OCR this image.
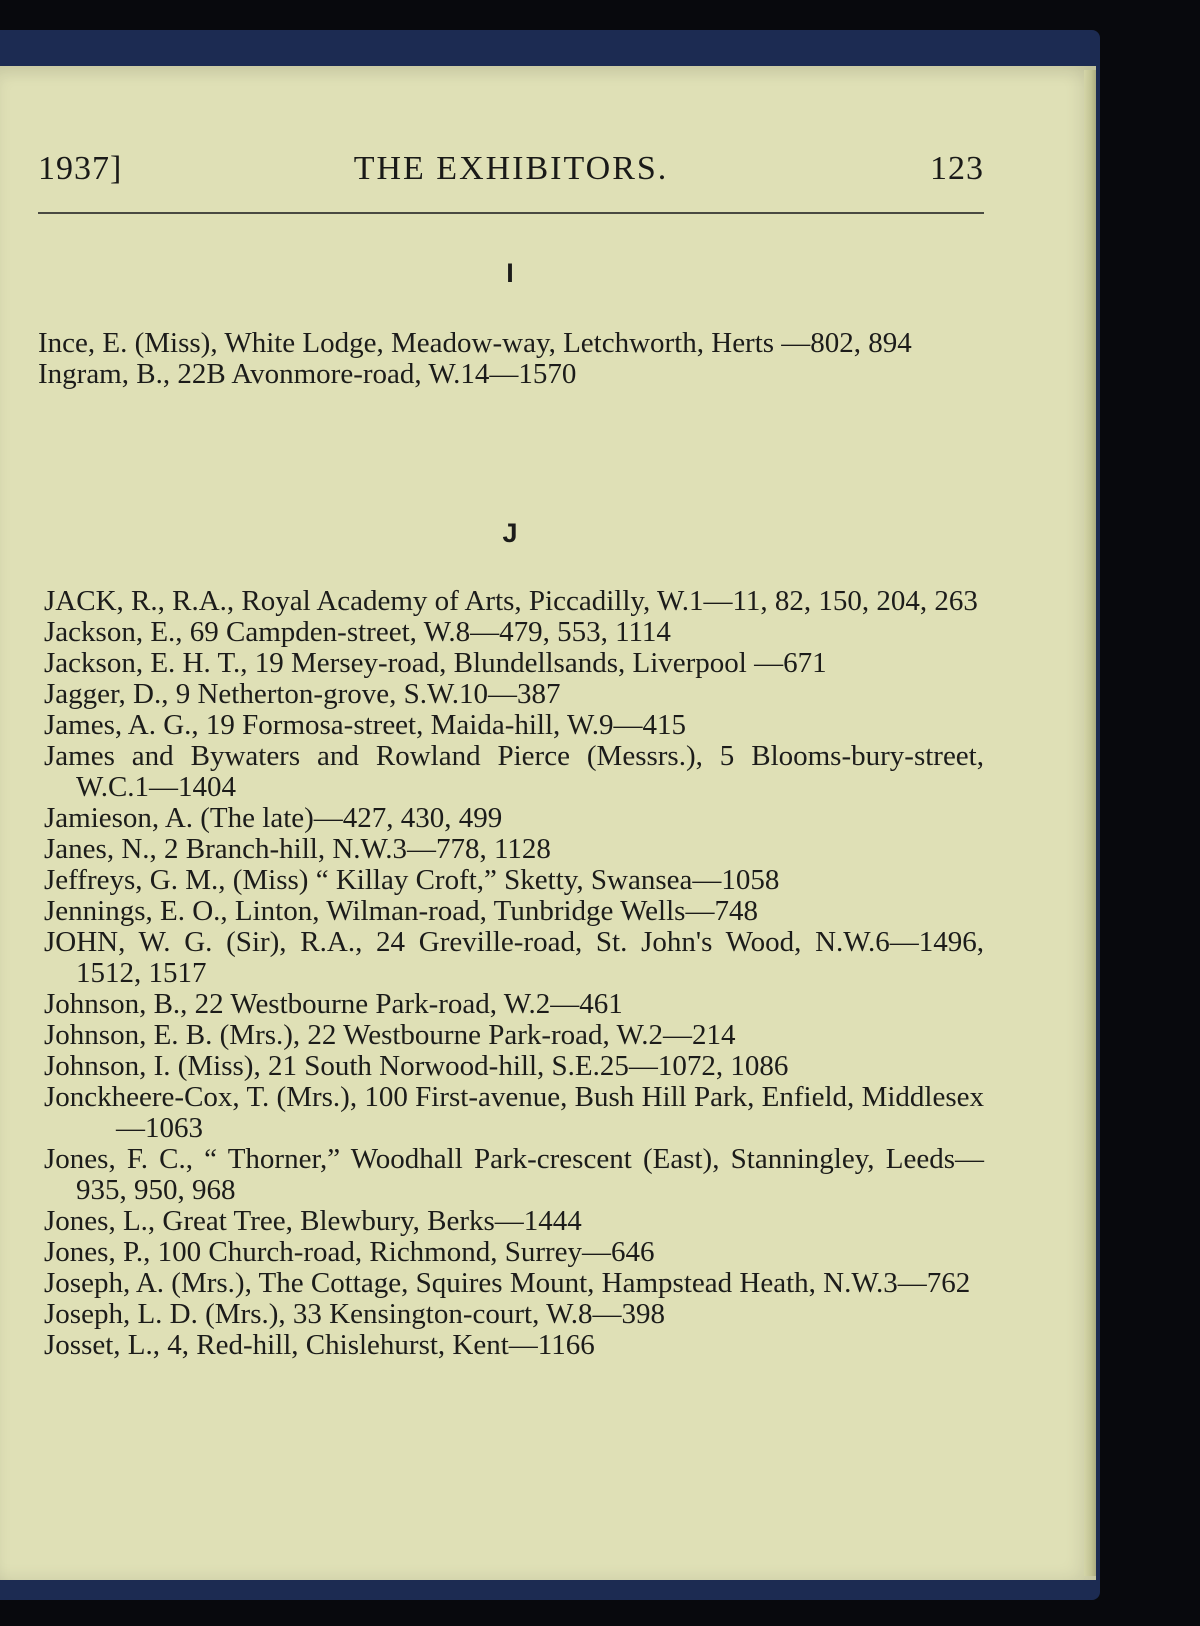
1937]	THE EXHIBITORS.	123
I
Ince, E. (Miss), White Lodge, Meadow-way, Letchworth, Herts —802, 894
Ingram, B., 22B Avonmore-road, W.14—1570
J
JACK, R., R.A., Royal Academy of Arts, Piccadilly, W.1—11, 82, 150, 204, 263
Jackson, E., 69 Campden-street, W.8—479, 553, 1114
Jackson, E. H. T., 19 Mersey-road, Blundellsands, Liverpool —671
Jagger, D., 9 Netherton-grove, S.W.10—387
James, A. G., 19 Formosa-street, Maida-hill, W.9—415
James and Bywaters and Rowland Pierce (Messrs.), 5 Blooms-bury-street, W.C.1—1404
Jamieson, A. (The late)—427, 430, 499
Janes, N., 2 Branch-hill, N.W.3—778, 1128
Jeffreys, G. M., (Miss) “ Killay Croft,” Sketty, Swansea—1058
Jennings, E. O., Linton, Wilman-road, Tunbridge Wells—748
JOHN, W. G. (Sir), R.A., 24 Greville-road, St. John's Wood, N.W.6—1496, 1512, 1517
Johnson, B., 22 Westbourne Park-road, W.2—461
Johnson, E. B. (Mrs.), 22 Westbourne Park-road, W.2—214
Johnson, I. (Miss), 21 South Norwood-hill, S.E.25—1072, 1086
Jonckheere-Cox, T. (Mrs.), 100 First-avenue, Bush Hill Park, Enfield, Middlesex—1063
Jones, F. C., “ Thorner,” Woodhall Park-crescent (East), Stanningley, Leeds—935, 950, 968
Jones, L., Great Tree, Blewbury, Berks—1444
Jones, P., 100 Church-road, Richmond, Surrey—646
Joseph, A. (Mrs.), The Cottage, Squires Mount, Hampstead Heath, N.W.3—762
Joseph, L. D. (Mrs.), 33 Kensington-court, W.8—398
Josset, L., 4, Red-hill, Chislehurst, Kent—1166
